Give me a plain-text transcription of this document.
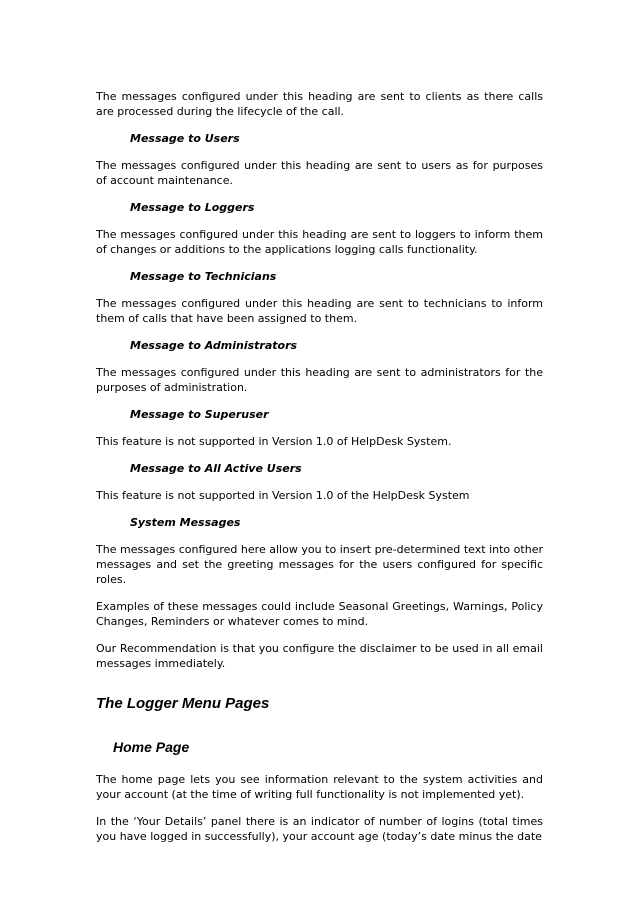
The messages configured under this heading are sent to clients as there calls are processed during the lifecycle of the call.

Message to Users

The messages configured under this heading are sent to users as for purposes of account maintenance.

Message to Loggers

The messages configured under this heading are sent to loggers to inform them of changes or additions to the applications logging calls functionality.

Message to Technicians

The messages configured under this heading are sent to technicians to inform them of calls that have been assigned to them.

Message to Administrators

The messages configured under this heading are sent to administrators for the purposes of administration.

Message to Superuser

This feature is not supported in Version 1.0 of HelpDesk System.

Message to All Active Users

This feature is not supported in Version 1.0 of the HelpDesk System

System Messages

The messages configured here allow you to insert pre-determined text into other messages and set the greeting messages for the users configured for specific roles.

Examples of these messages could include Seasonal Greetings, Warnings, Policy Changes, Reminders or whatever comes to mind.

Our Recommendation is that you configure the disclaimer to be used in all email messages immediately.

The Logger Menu Pages
Home Page

The home page lets you see information relevant to the system activities and your account (at the time of writing full functionality is not implemented yet).

In the ‘Your Details’ panel there is an indicator of number of logins (total times you have logged in successfully), your account age (today’s date minus the date
